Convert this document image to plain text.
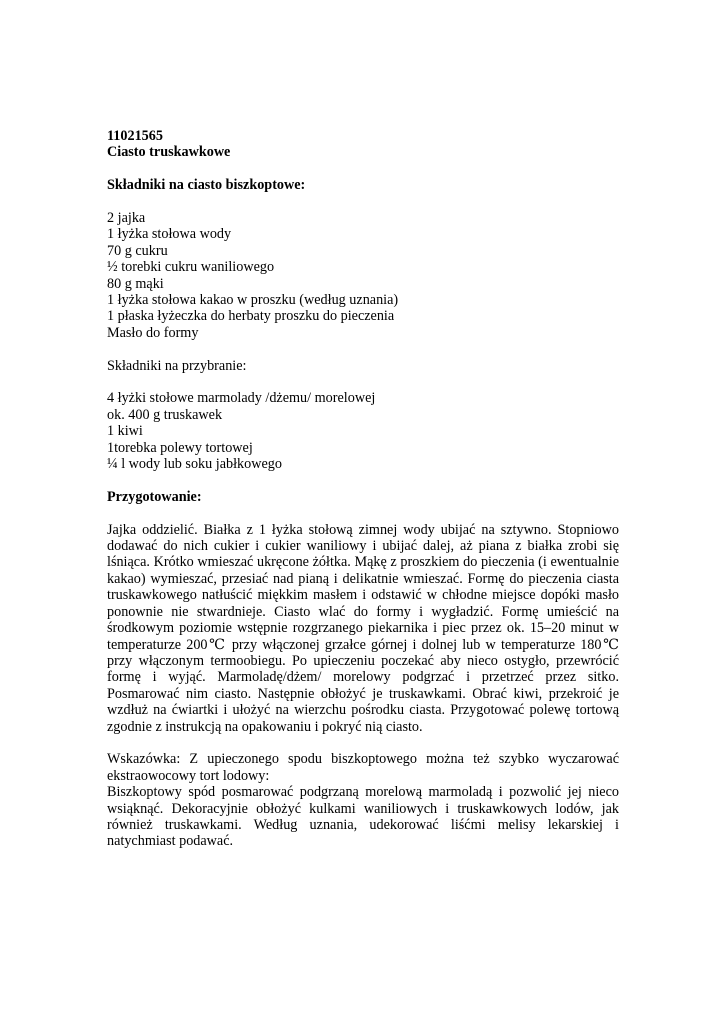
11021565
Ciasto truskawkowe
Składniki na ciasto biszkoptowe:
2 jajka
1 łyżka stołowa wody
70 g cukru
½ torebki cukru waniliowego
80 g mąki
1 łyżka stołowa kakao w proszku (według uznania)
1 płaska łyżeczka do herbaty proszku do pieczenia
Masło do formy
Składniki na przybranie:
4 łyżki stołowe marmolady /dżemu/ morelowej
ok. 400 g truskawek
1 kiwi
1torebka polewy tortowej
¼ l wody lub soku jabłkowego
Przygotowanie:

Jajka oddzielić. Białka z 1 łyżka stołową zimnej wody ubijać na sztywno. Stopniowo dodawać do nich cukier i cukier waniliowy i ubijać dalej, aż piana z białka zrobi się lśniąca. Krótko wmieszać ukręcone żółtka. Mąkę z proszkiem do pieczenia (i ewentualnie kakao) wymieszać, przesiać nad pianą i delikatnie wmieszać. Formę do pieczenia ciasta truskawkowego natłuścić miękkim masłem i odstawić w chłodne miejsce dopóki masło ponownie nie stwardnieje. Ciasto wlać do formy i wygładzić. Formę umieścić na środkowym poziomie wstępnie rozgrzanego piekarnika i piec przez ok. 15–20 minut w temperaturze 200℃ przy włączonej grzałce górnej i dolnej lub w temperaturze 180℃ przy włączonym termoobiegu. Po upieczeniu poczekać aby nieco ostygło, przewrócić formę i wyjąć. Marmoladę/dżem/ morelowy podgrzać i przetrzeć przez sitko. Posmarować nim ciasto. Następnie obłożyć je truskawkami. Obrać kiwi, przekroić je wzdłuż na ćwiartki i ułożyć na wierzchu pośrodku ciasta. Przygotować polewę tortową zgodnie z instrukcją na opakowaniu i pokryć nią ciasto.

Wskazówka: Z upieczonego spodu biszkoptowego można też szybko wyczarować ekstraowocowy tort lodowy:

Biszkoptowy spód posmarować podgrzaną morelową marmoladą i pozwolić jej nieco wsiąknąć. Dekoracyjnie obłożyć kulkami waniliowych i truskawkowych lodów, jak również truskawkami. Według uznania, udekorować liśćmi melisy lekarskiej i natychmiast podawać.
